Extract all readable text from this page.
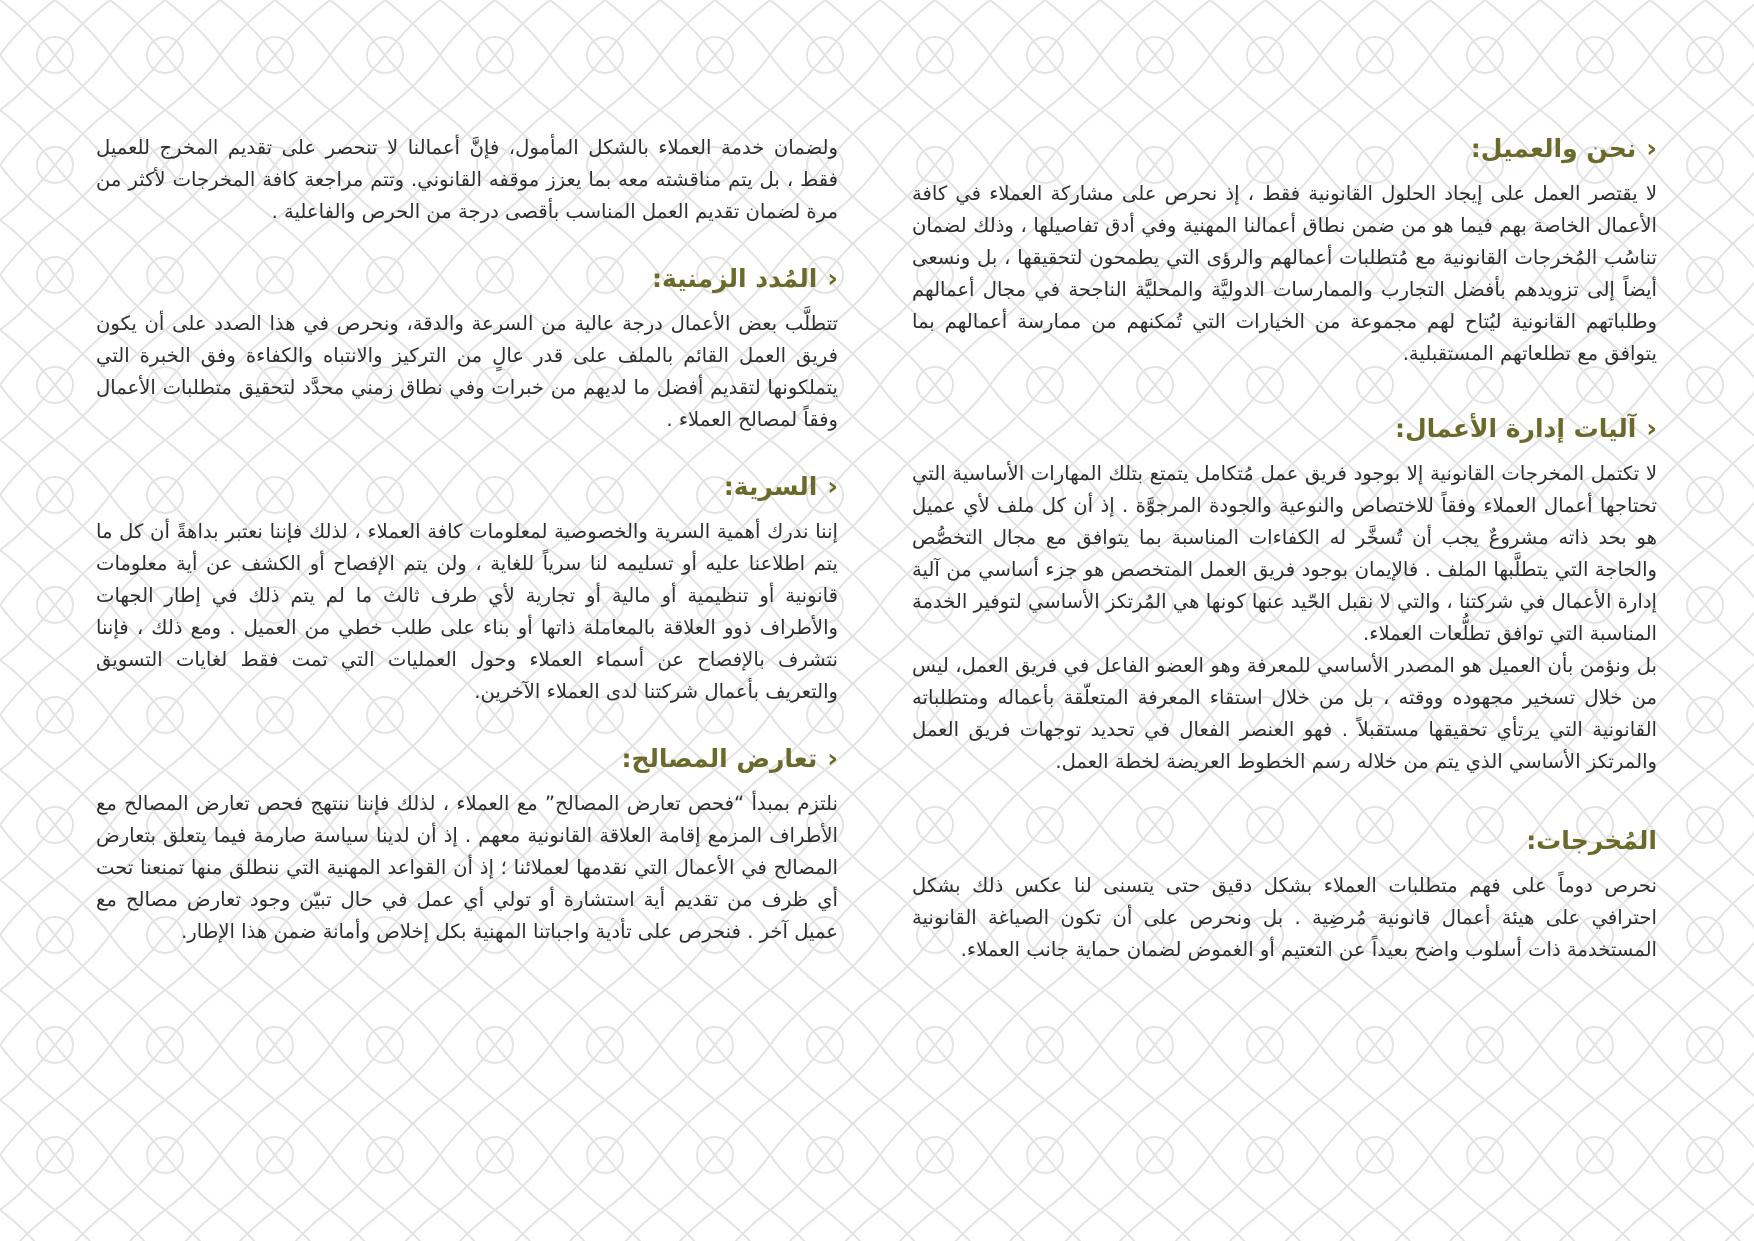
‹
نحن والعميل:

لا يقتصر العمل على إيجاد الحلول القانونية فقط ، إذ نحرص على مشاركة العملاء في كافة الأعمال الخاصة بهم فيما هو من ضمن نطاق أعمالنا المهنية وفي أدق تفاصيلها ، وذلك لضمان تناسُب المُخرجات القانونية مع مُتطلبات أعمالهم والرؤى التي يطمحون لتحقيقها ، بل ونسعى أيضاً إلى تزويدهم بأفضل التجارب والممارسات الدوليَّة والمحليَّة الناجحة في مجال أعمالهم وطلباتهم القانونية ليُتاح لهم مجموعة من الخيارات التي تُمكنهم من ممارسة أعمالهم بما يتوافق مع تطلعاتهم المستقبلية.

‹
آليات إدارة الأعمال:

لا تكتمل المخرجات القانونية إلا بوجود فريق عمل مُتكامل يتمتع بتلك المهارات الأساسية التي تحتاجها أعمال العملاء وفقاً للاختصاص والنوعية والجودة المرجوَّة . إذ أن كل ملف لأي عميل هو بحد ذاته مشروعٌ يجب أن تُسخَّر له الكفاءات المناسبة بما يتوافق مع مجال التخصُّص والحاجة التي يتطلَّبها الملف . فالإيمان بوجود فريق العمل المتخصص هو جزء أساسي من آلية إدارة الأعمال في شركتنا ، والتي لا نقبل الحّيد عنها كونها هي المُرتكز الأساسي لتوفير الخدمة المناسبة التي توافق تطلُّعات العملاء.

بل ونؤمن بأن العميل هو المصدر الأساسي للمعرفة وهو العضو الفاعل في فريق العمل، ليس من خلال تسخير مجهوده ووقته ، بل من خلال استقاء المعرفة المتعلّقة بأعماله ومتطلباته القانونية التي يرتأي تحقيقها مستقبلاً . فهو العنصر الفعال في تحديد توجهات فريق العمل والمرتكز الأساسي الذي يتم من خلاله رسم الخطوط العريضة لخطة العمل.

المُخرجات:

نحرص دوماً على فهم متطلبات العملاء بشكل دقيق حتى يتسنى لنا عكس ذلك بشكل احترافي على هيئة أعمال قانونية مُرضِية . بل ونحرص على أن تكون الصياغة القانونية المستخدمة ذات أسلوب واضح بعيداً عن التعتيم أو الغموض لضمان حماية جانب العملاء.

ولضمان خدمة العملاء بالشكل المأمول، فإنَّ أعمالنا لا تنحصر على تقديم المخرج للعميل فقط ، بل يتم مناقشته معه بما يعزز موقفه القانوني. وتتم مراجعة كافة المخرجات لأكثر من مرة لضمان تقديم العمل المناسب بأقصى درجة من الحرص والفاعلية .

‹
المُدد الزمنية:

تتطلَّب بعض الأعمال درجة عالية من السرعة والدقة، ونحرص في هذا الصدد على أن يكون فريق العمل القائم بالملف على قدر عالٍ من التركيز والانتباه والكفاءة وفق الخبرة التي يتملكونها لتقديم أفضل ما لديهم من خبرات وفي نطاق زمني محدَّد لتحقيق متطلبات الأعمال وفقاً لمصالح العملاء .

‹
السرية:

إننا ندرك أهمية السرية والخصوصية لمعلومات كافة العملاء ، لذلك فإننا نعتبر بداهةً أن كل ما يتم اطلاعنا عليه أو تسليمه لنا سرياً للغاية ، ولن يتم الإفصاح أو الكشف عن أية معلومات قانونية أو تنظيمية أو مالية أو تجارية لأي طرف ثالث ما لم يتم ذلك في إطار الجهات والأطراف ذوو العلاقة بالمعاملة ذاتها أو بناء على طلب خطي من العميل . ومع ذلك ، فإننا نتشرف بالإفصاح عن أسماء العملاء وحول العمليات التي تمت فقط لغايات التسويق والتعريف بأعمال شركتنا لدى العملاء الآخرين.

‹
تعارض المصالح:

نلتزم بمبدأ “فحص تعارض المصالح” مع العملاء ، لذلك فإننا ننتهج فحص تعارض المصالح مع الأطراف المزمع إقامة العلاقة القانونية معهم . إذ أن لدينا سياسة صارمة فيما يتعلق بتعارض المصالح في الأعمال التي نقدمها لعملائنا ؛ إذ أن القواعد المهنية التي ننطلق منها تمنعنا تحت أي ظرف من تقديم أية استشارة أو تولي أي عمل في حال تبيّن وجود تعارض مصالح مع عميل آخر . فنحرص على تأدية واجباتنا المهنية بكل إخلاص وأمانة ضمن هذا الإطار.
